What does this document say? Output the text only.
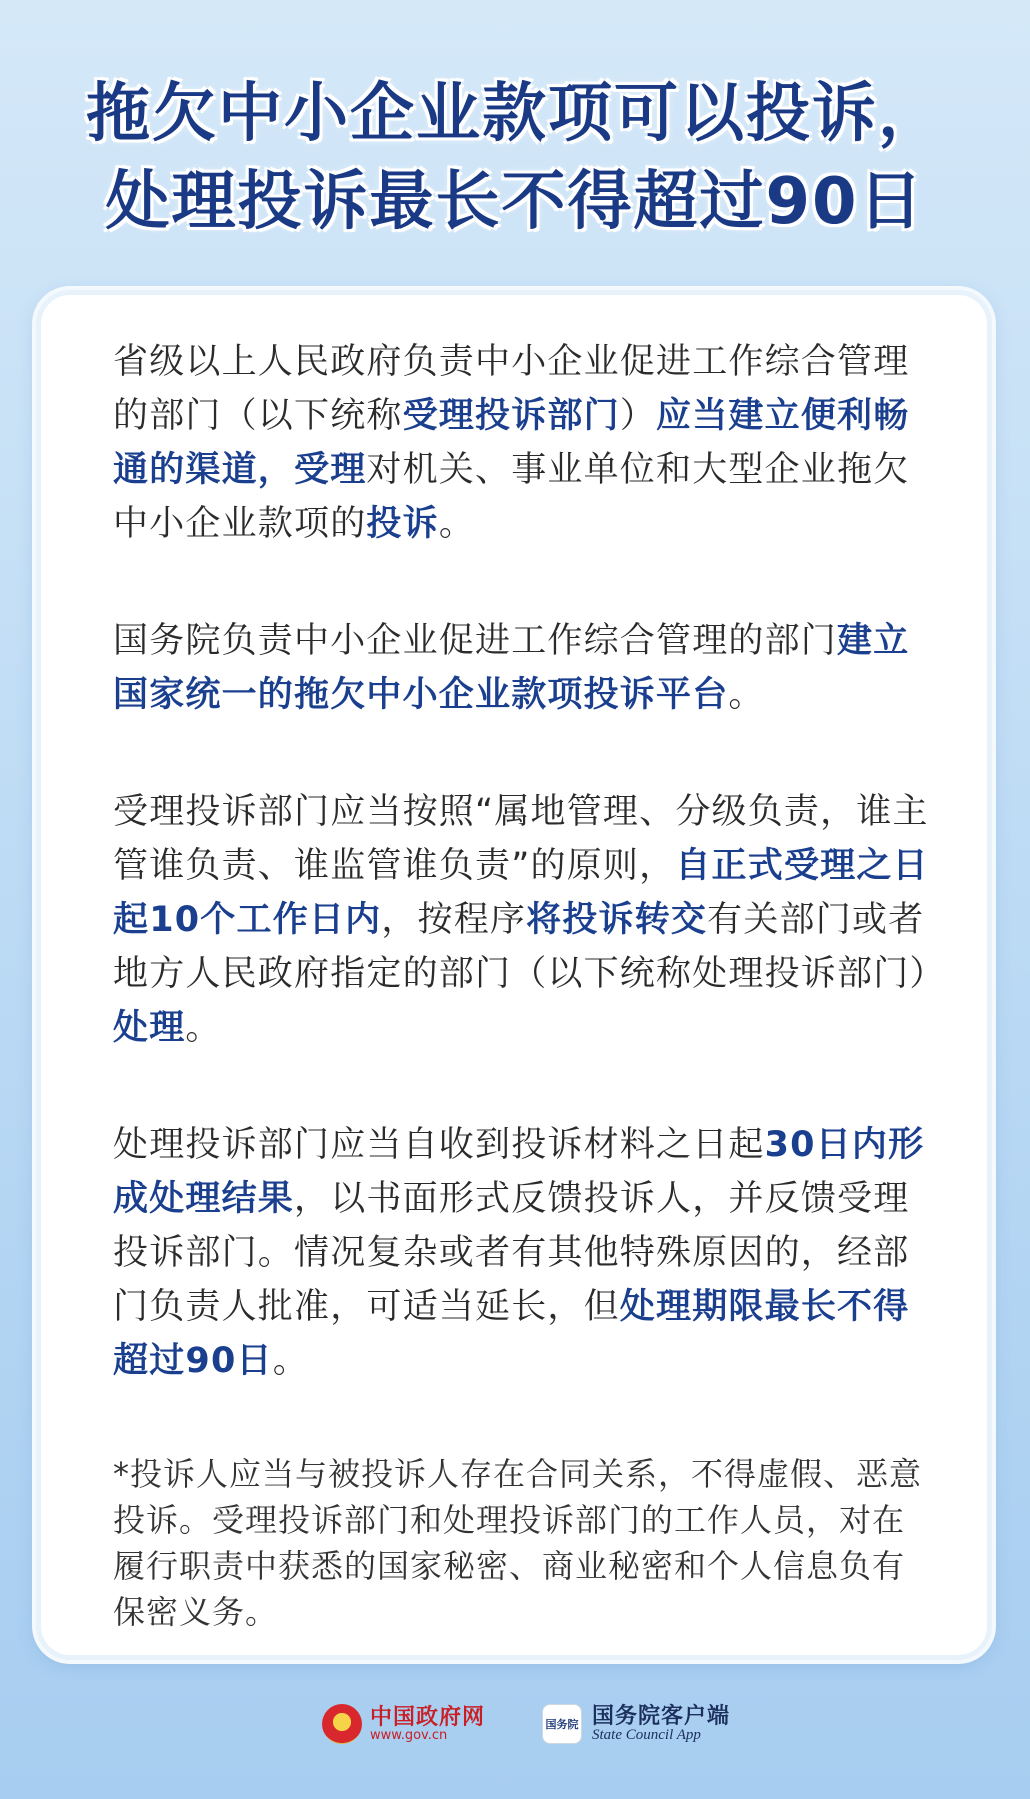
拖欠中小企业款项可以投诉，
处理投诉最长不得超过90日

省级以上人民政府负责中小企业促进工作综合管理的部门（以下统称受理投诉部门）应当建立便利畅通的渠道，受理对机关、事业单位和大型企业拖欠中小企业款项的投诉。

国务院负责中小企业促进工作综合管理的部门建立国家统一的拖欠中小企业款项投诉平台。

受理投诉部门应当按照“属地管理、分级负责，谁主管谁负责、谁监管谁负责”的原则，自正式受理之日起10个工作日内，按程序将投诉转交有关部门或者地方人民政府指定的部门（以下统称处理投诉部门）处理。

处理投诉部门应当自收到投诉材料之日起30日内形成处理结果，以书面形式反馈投诉人，并反馈受理投诉部门。情况复杂或者有其他特殊原因的，经部门负责人批准，可适当延长，但处理期限最长不得超过90日。

*投诉人应当与被投诉人存在合同关系，不得虚假、恶意投诉。受理投诉部门和处理投诉部门的工作人员，对在履行职责中获悉的国家秘密、商业秘密和个人信息负有保密义务。

中国政府网
www.gov.cn
国务院 国务院客户端
State Council App
